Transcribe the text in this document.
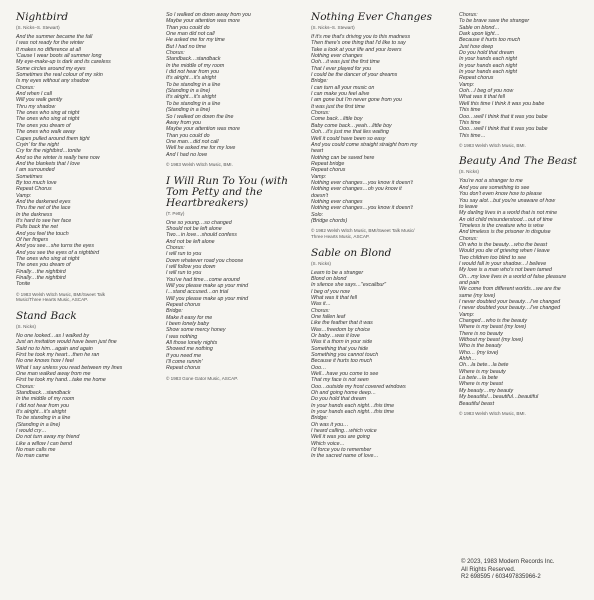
Nightbird
(S. Nicks–S. Stewart)
And the summer became the fall
I was not ready for the winter
It makes no difference at all
'Cause I wear boots all summer long
My eye-make-up is dark and its careless
Some circles around my eyes
Sometimes the real colour of my skin
Is my eyes without any shadow
Chorus:
And when I call
Will you walk gently
Thru my shadow
The ones who sing at night
The ones who sing at night
The ones you dream of
The ones who walk away
Capes pulled around them tight
Cryin' for the night
Cry for the nightbird…tonite
And so the winter is really here now
And the blankets that I love
I am surrounded
Sometimes
By too much love
Repeat Chorus
Vamp:
And the darkened eyes
Thru the net of the lace
In the darkness
It's hard to see her face
Pulls back the net
And you feel the touch
Of her fingers
And you see…she turns the eyes
And you see the eyes of a nightbird
The ones who sing at night
The ones you dream of
Finally…the nightbird
Finally…the nightbird
Tonite
© 1983 Welsh Witch Music, BMI/Sweet Talk
Music/Three Hearts Music, ASCAP.
Stand Back
(S. Nicks)
No one looked…as I walked by
Just an invitation would have been just fine
Said no to him…again and again
First he took my heart…then he ran
No one knows how I feel
What I say unless you read between my lines
One man walked away from me
First he took my hand…take me home
Chorus:
Standback…standback
In the middle of my room
I did not hear from you
It's alright…it's alright
To be standing in a line
(Standing in a line)
I would cry…
Do not turn away my friend
Like a willow I can bend
No man calls me
No man came
So I walked on down away from you
Maybe your attention was more
Than you could do
One man did not call
He asked me for my time
But I had no time
Chorus:
Standback…standback
In the middle of my room
I did not hear from you
It's alright…it's alright
To be standing in a line
(Standing in a line)
It's alright…it's alright
To be standing in a line
(Standing in a line)
So I walked on down the line
Away from you
Maybe your attention was more
Than you could do
One man…did not call
Well he asked me for my love
And I had no love
© 1983 Welsh Witch Music, BMI.
I Will Run To You (with Tom Petty and the Heartbreakers)
(T. Petty)
One so young…so changed
Should not be left alone
Two…in love…should confess
And not be left alone
Chorus:
I will run to you
Down whatever road you choose
I will follow you down
I will run to you
You've had time…come around
Will you please make up your mind
I…stand accused…on trial
Will you please make up your mind
Repeat chorus
Bridge:
Make it easy for me
I been lonely baby
Show some mercy honey
I was nothing
All those lonely nights
Showed me nothing
If you need me
I'll come runnin'
Repeat chorus
© 1983 Gone Gator Music, ASCAP.
Nothing Ever Changes
(S. Nicks–S. Stewart)
If it's me that's driving you to this madness
Then there's one thing that I'd like to say
Take a look at your life and your lovers
Nothing ever changes
Ooh…it was just the first time
That I ever played for you
I could be the dancer of your dreams
Bridge:
I can turn all your music on
I can make you feel alive
I am gone but I'm never gone from you
It was just the first time
Chorus:
Come back…little boy
Baby come back…yeah…little boy
Ooh…it's just me that lies waiting
Well it could have been so easy
And you could come straight straight from my
heart
Nothing can be saved here
Repeat bridge
Repeat chorus
Vamp:
Nothing ever changes…you know it doesn't
Nothing ever changes…oh you know it
doesn't
Nothing ever changes
Nothing ever changes…you know it doesn't
Solo:
(Bridge chords)
© 1982 Welsh Witch Music, BMI/Sweet Talk Music/
Three Hearts Music, ASCAP.
Sable on Blond
(S. Nicks)
Learn to be a stranger
Blond on blond
In silence she says…"excalibur"
I beg of you now
What was it that fell
Was it…
Chorus:
One fallen leaf
Like the feather that it was
Was…freedom by choice
Or baby…was it love
Was it a thorn in your side
Something that you hide
Something you cannot touch
Because it hurts too much
Ooo…
Well…have you come to see
That my face is not seen
Ooo…outside my frost covered windows
Oh and going home deep…
Do you hold that dream
In your hands each night…this time
In your hands each night…this time
Bridge:
Oh was it you…
I heard calling…which voice
Well it was you are going
Which voice…
I'd force you to remember
In the sacred name of love…
Chorus:
To be brave save the stranger
Sable on blond…
Dark upon light…
Because it hurts too much
Just how deep
Do you hold that dream
In your hands each night
In your hands each night
In your hands each night
Repeat chorus
Vamp:
Ooh…I beg of you now
What was it that fell
Well this time I think it was you babe
This time
Ooo…well I think that it was you babe
This time
Ooo…well I think that it was you babe
This time…
© 1983 Welsh Witch Music, BMI.
Beauty And The Beast
(S. Nicks)
You're not a stranger to me
And you are something to see
You don't even know how to please
You say alot…but you're unaware of how
to leave
My darling lives in a world that is not mine
An old child misunderstood…out of time
Timeless is the creature who is wise
And timeless is the prisoner in disguise
Chorus:
Oh who is the beauty…who the beast
Would you die of grieving when I leave
Two children too blind to see
I would fall in your shadow…I believe
My love is a man who's not been tamed
Oh…my love lives in a world of false pleasure
and pain
We come from different worlds…we are the
same (my love)
I never doubted your beauty…I've changed
I never doubted your beauty…I've changed
Vamp:
Changed…who is the beauty
Where is my beast (my love)
There is no beauty
Without my beast (my love)
Who is the beauty
Who… (my love)
Ahhh…
Oh…la bete…la bete
Where is my beauty
La bete…la bete
Where is my beast
My beauty…my beauty
My beautiful…beautiful…beautiful
Beautiful beast
© 1983 Welsh Witch Music, BMI.
© 2023, 1983 Modern Records Inc.
All Rights Reserved.
R2 698595 / 603497835966-2
